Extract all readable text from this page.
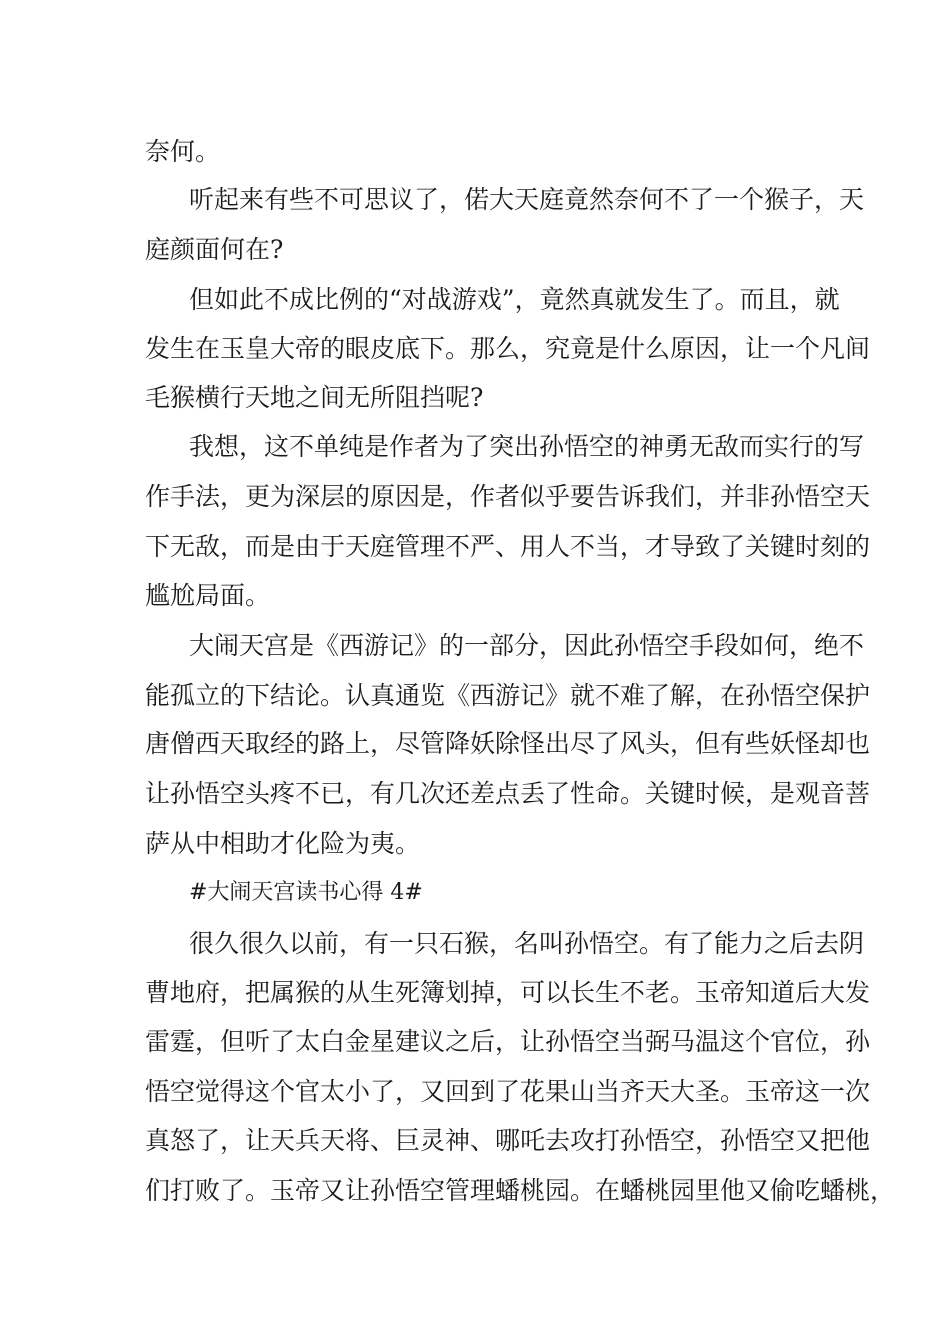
奈何。
听起来有些不可思议了，偌大天庭竟然奈何不了一个猴子，天
庭颜面何在?
但如此不成比例的“对战游戏”，竟然真就发生了。而且，就
发生在玉皇大帝的眼皮底下。那么，究竟是什么原因，让一个凡间
毛猴横行天地之间无所阻挡呢?
我想，这不单纯是作者为了突出孙悟空的神勇无敌而实行的写
作手法，更为深层的原因是，作者似乎要告诉我们，并非孙悟空天
下无敌，而是由于天庭管理不严、用人不当，才导致了关键时刻的
尴尬局面。
大闹天宫是《西游记》的一部分，因此孙悟空手段如何，绝不
能孤立的下结论。认真通览《西游记》就不难了解，在孙悟空保护
唐僧西天取经的路上，尽管降妖除怪出尽了风头，但有些妖怪却也
让孙悟空头疼不已，有几次还差点丢了性命。关键时候，是观音菩
萨从中相助才化险为夷。
#大闹天宫读书心得 4#
很久很久以前，有一只石猴，名叫孙悟空。有了能力之后去阴
曹地府，把属猴的从生死簿划掉，可以长生不老。玉帝知道后大发
雷霆，但听了太白金星建议之后，让孙悟空当弼马温这个官位，孙
悟空觉得这个官太小了，又回到了花果山当齐天大圣。玉帝这一次
真怒了，让天兵天将、巨灵神、哪吒去攻打孙悟空，孙悟空又把他
们打败了。玉帝又让孙悟空管理蟠桃园。在蟠桃园里他又偷吃蟠桃，
